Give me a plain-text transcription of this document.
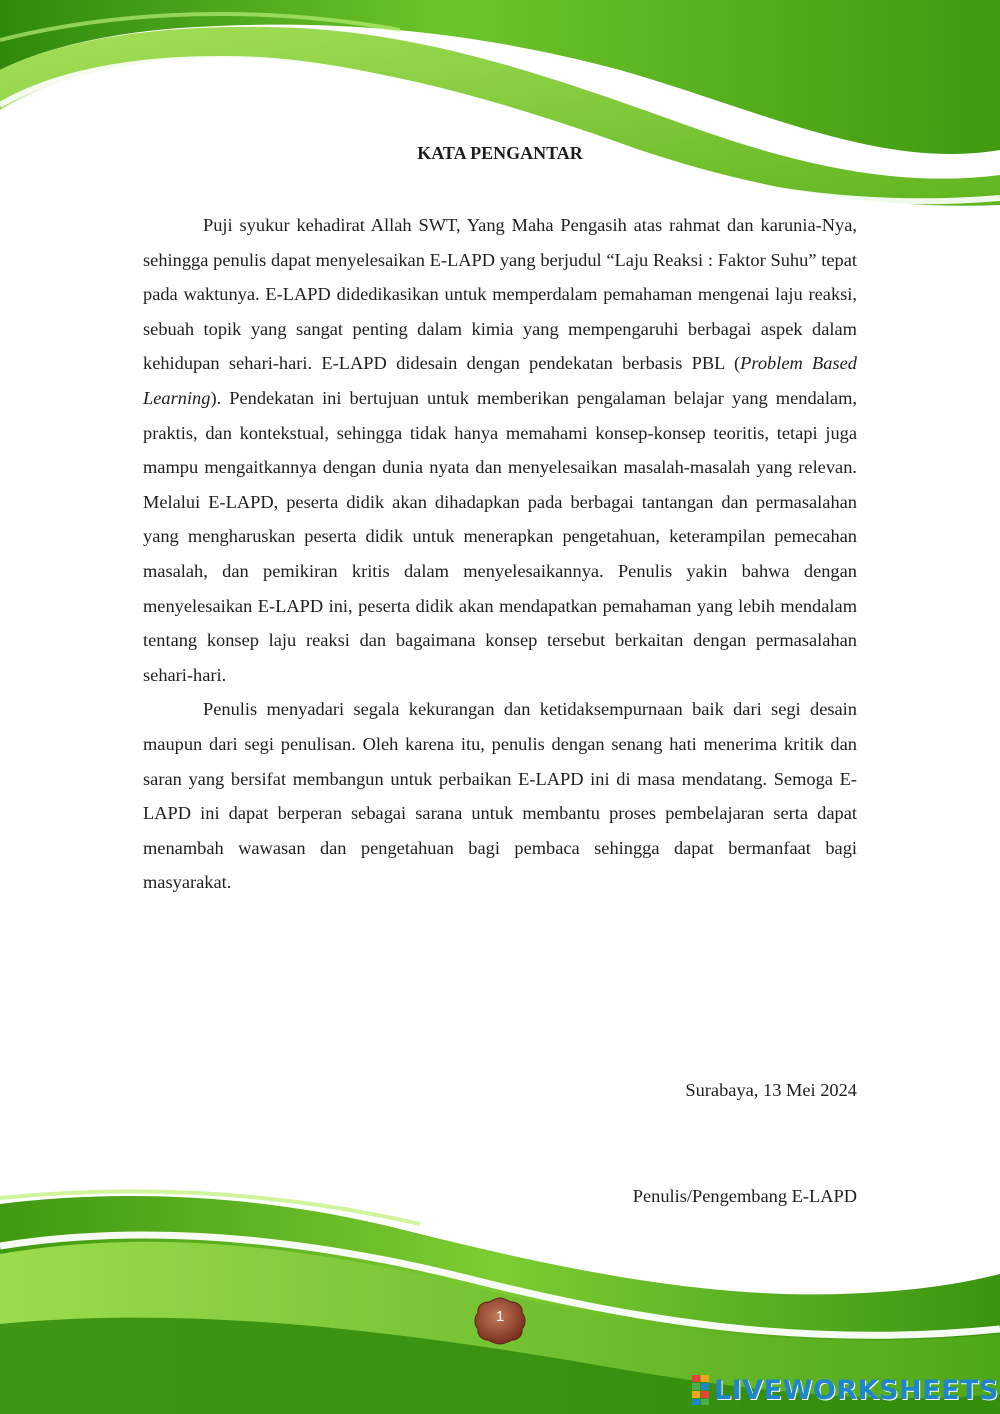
KATA PENGANTAR

Puji syukur kehadirat Allah SWT, Yang Maha Pengasih atas rahmat dan karunia-Nya, sehingga penulis dapat menyelesaikan E-LAPD yang berjudul “Laju Reaksi : Faktor Suhu” tepat pada waktunya. E-LAPD didedikasikan untuk memperdalam pemahaman mengenai laju reaksi, sebuah topik yang sangat penting dalam kimia yang mempengaruhi berbagai aspek dalam kehidupan sehari-hari. E-LAPD didesain dengan pendekatan berbasis PBL (Problem Based Learning). Pendekatan ini bertujuan untuk memberikan pengalaman belajar yang mendalam, praktis, dan kontekstual, sehingga tidak hanya memahami konsep-konsep teoritis, tetapi juga mampu mengaitkannya dengan dunia nyata dan menyelesaikan masalah-masalah yang relevan. Melalui E-LAPD, peserta didik akan dihadapkan pada berbagai tantangan dan permasalahan yang mengharuskan peserta didik untuk menerapkan pengetahuan, keterampilan pemecahan masalah, dan pemikiran kritis dalam menyelesaikannya. Penulis yakin bahwa dengan menyelesaikan E-LAPD ini, peserta didik akan mendapatkan pemahaman yang lebih mendalam tentang konsep laju reaksi dan bagaimana konsep tersebut berkaitan dengan permasalahan sehari-hari.

Penulis menyadari segala kekurangan dan ketidaksempurnaan baik dari segi desain maupun dari segi penulisan. Oleh karena itu, penulis dengan senang hati menerima kritik dan saran yang bersifat membangun untuk perbaikan E-LAPD ini di masa mendatang. Semoga E-LAPD ini dapat berperan sebagai sarana untuk membantu proses pembelajaran serta dapat menambah wawasan dan pengetahuan bagi pembaca sehingga dapat bermanfaat bagi masyarakat.

Surabaya, 13 Mei 2024

Penulis/Pengembang E-LAPD

1
LIVEWORKSHEETS
